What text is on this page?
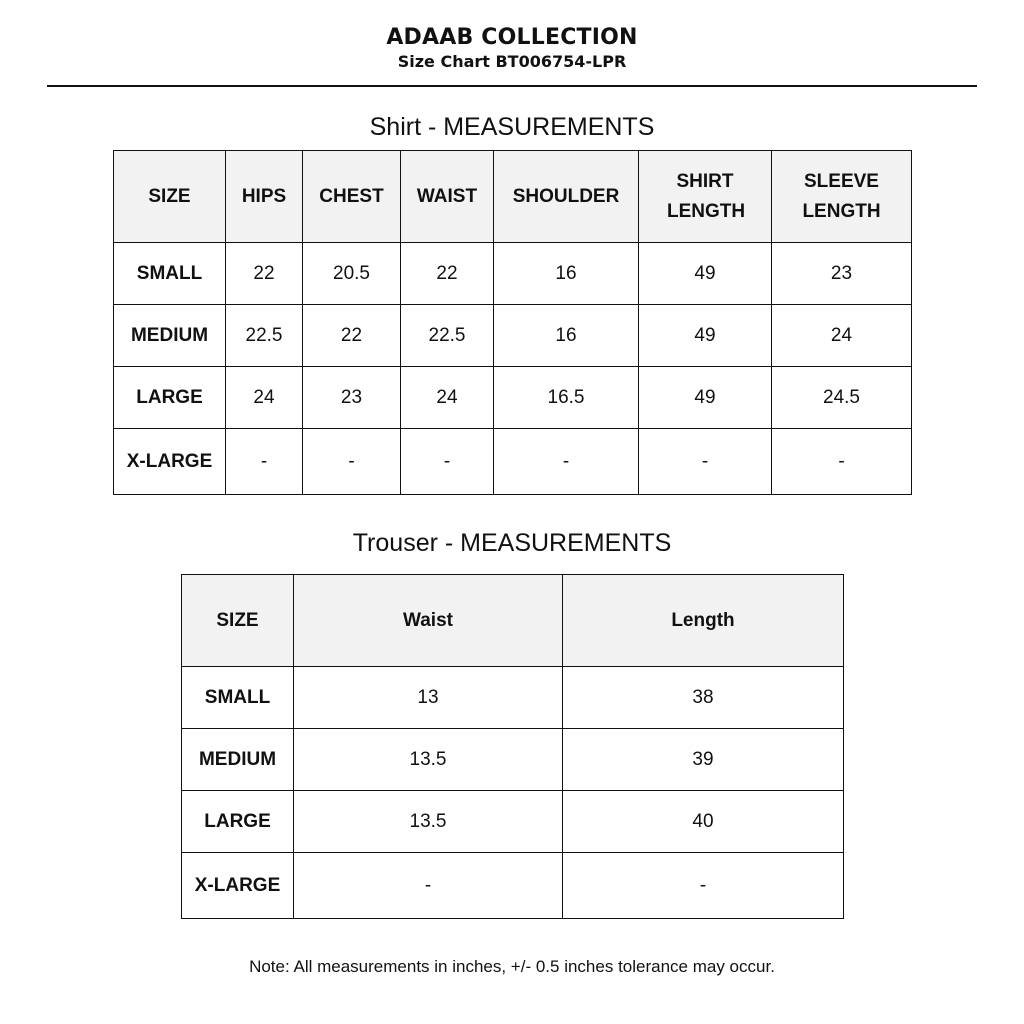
ADAAB COLLECTION
Size Chart BT006754-LPR
Shirt - MEASUREMENTS
SIZE	HIPS	CHEST	WAIST	SHOULDER	SHIRT LENGTH	SLEEVE LENGTH
SMALL	22	20.5	22	16	49	23
MEDIUM	22.5	22	22.5	16	49	24
LARGE	24	23	24	16.5	49	24.5
X-LARGE	-	-	-	-	-	-
Trouser - MEASUREMENTS
SIZE	Waist	Length
SMALL	13	38
MEDIUM	13.5	39
LARGE	13.5	40
X-LARGE	-	-
Note: All measurements in inches, +/- 0.5 inches tolerance may occur.
